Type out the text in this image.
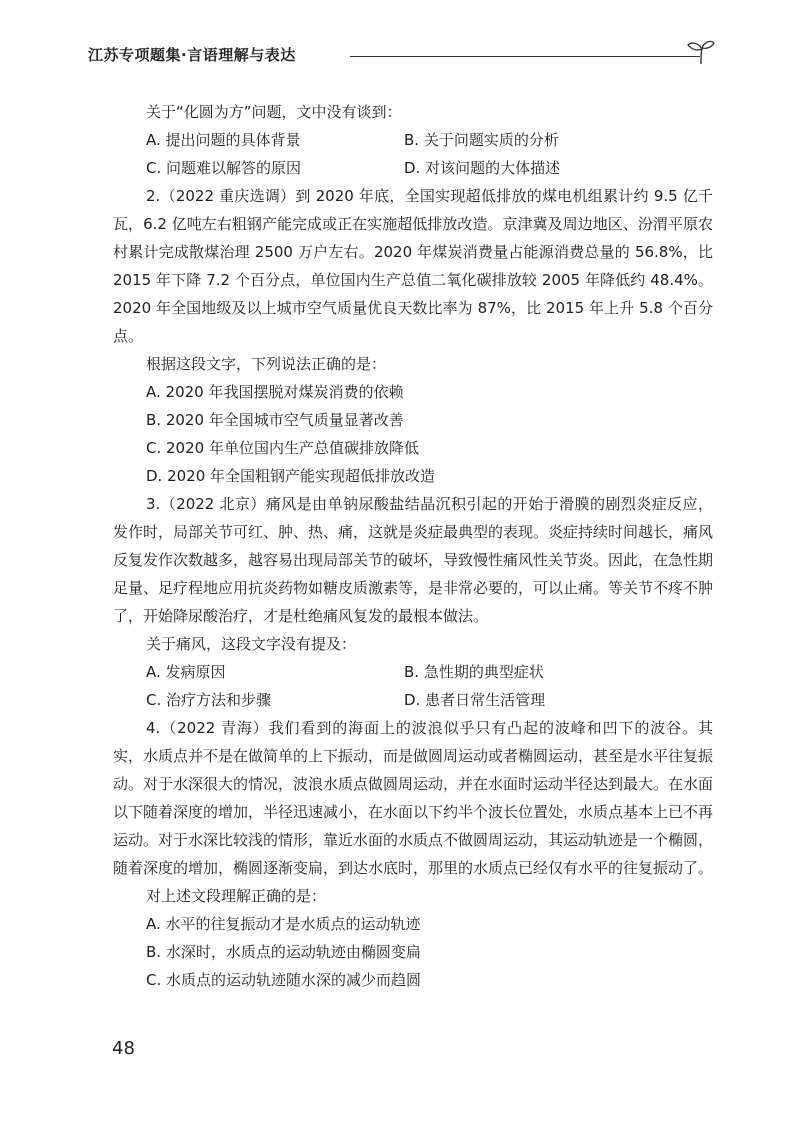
江苏专项题集·言语理解与表达

关于“化圆为方”问题，文中没有谈到：

A. 提出问题的具体背景	B. 关于问题实质的分析

C. 问题难以解答的原因	D. 对该问题的大体描述

2.（2022 重庆选调）到 2020 年底，全国实现超低排放的煤电机组累计约 9.5 亿千瓦，6.2 亿吨左右粗钢产能完成或正在实施超低排放改造。京津冀及周边地区、汾渭平原农村累计完成散煤治理 2500 万户左右。2020 年煤炭消费量占能源消费总量的 56.8%，比 2015 年下降 7.2 个百分点，单位国内生产总值二氧化碳排放较 2005 年降低约 48.4%。2020 年全国地级及以上城市空气质量优良天数比率为 87%，比 2015 年上升 5.8 个百分点。

根据这段文字，下列说法正确的是：

A. 2020 年我国摆脱对煤炭消费的依赖

B. 2020 年全国城市空气质量显著改善

C. 2020 年单位国内生产总值碳排放降低

D. 2020 年全国粗钢产能实现超低排放改造

3.（2022 北京）痛风是由单钠尿酸盐结晶沉积引起的开始于滑膜的剧烈炎症反应，发作时，局部关节可红、肿、热、痛，这就是炎症最典型的表现。炎症持续时间越长，痛风反复发作次数越多，越容易出现局部关节的破坏，导致慢性痛风性关节炎。因此，在急性期足量、足疗程地应用抗炎药物如糖皮质激素等，是非常必要的，可以止痛。等关节不疼不肿了，开始降尿酸治疗，才是杜绝痛风复发的最根本做法。

关于痛风，这段文字没有提及：

A. 发病原因	B. 急性期的典型症状

C. 治疗方法和步骤	D. 患者日常生活管理

4.（2022 青海）我们看到的海面上的波浪似乎只有凸起的波峰和凹下的波谷。其实，水质点并不是在做简单的上下振动，而是做圆周运动或者椭圆运动，甚至是水平往复振动。对于水深很大的情况，波浪水质点做圆周运动，并在水面时运动半径达到最大。在水面以下随着深度的增加，半径迅速减小，在水面以下约半个波长位置处，水质点基本上已不再运动。对于水深比较浅的情形，靠近水面的水质点不做圆周运动，其运动轨迹是一个椭圆，随着深度的增加，椭圆逐渐变扁，到达水底时，那里的水质点已经仅有水平的往复振动了。

对上述文段理解正确的是：

A. 水平的往复振动才是水质点的运动轨迹

B. 水深时，水质点的运动轨迹由椭圆变扁

C. 水质点的运动轨迹随水深的减少而趋圆

48
